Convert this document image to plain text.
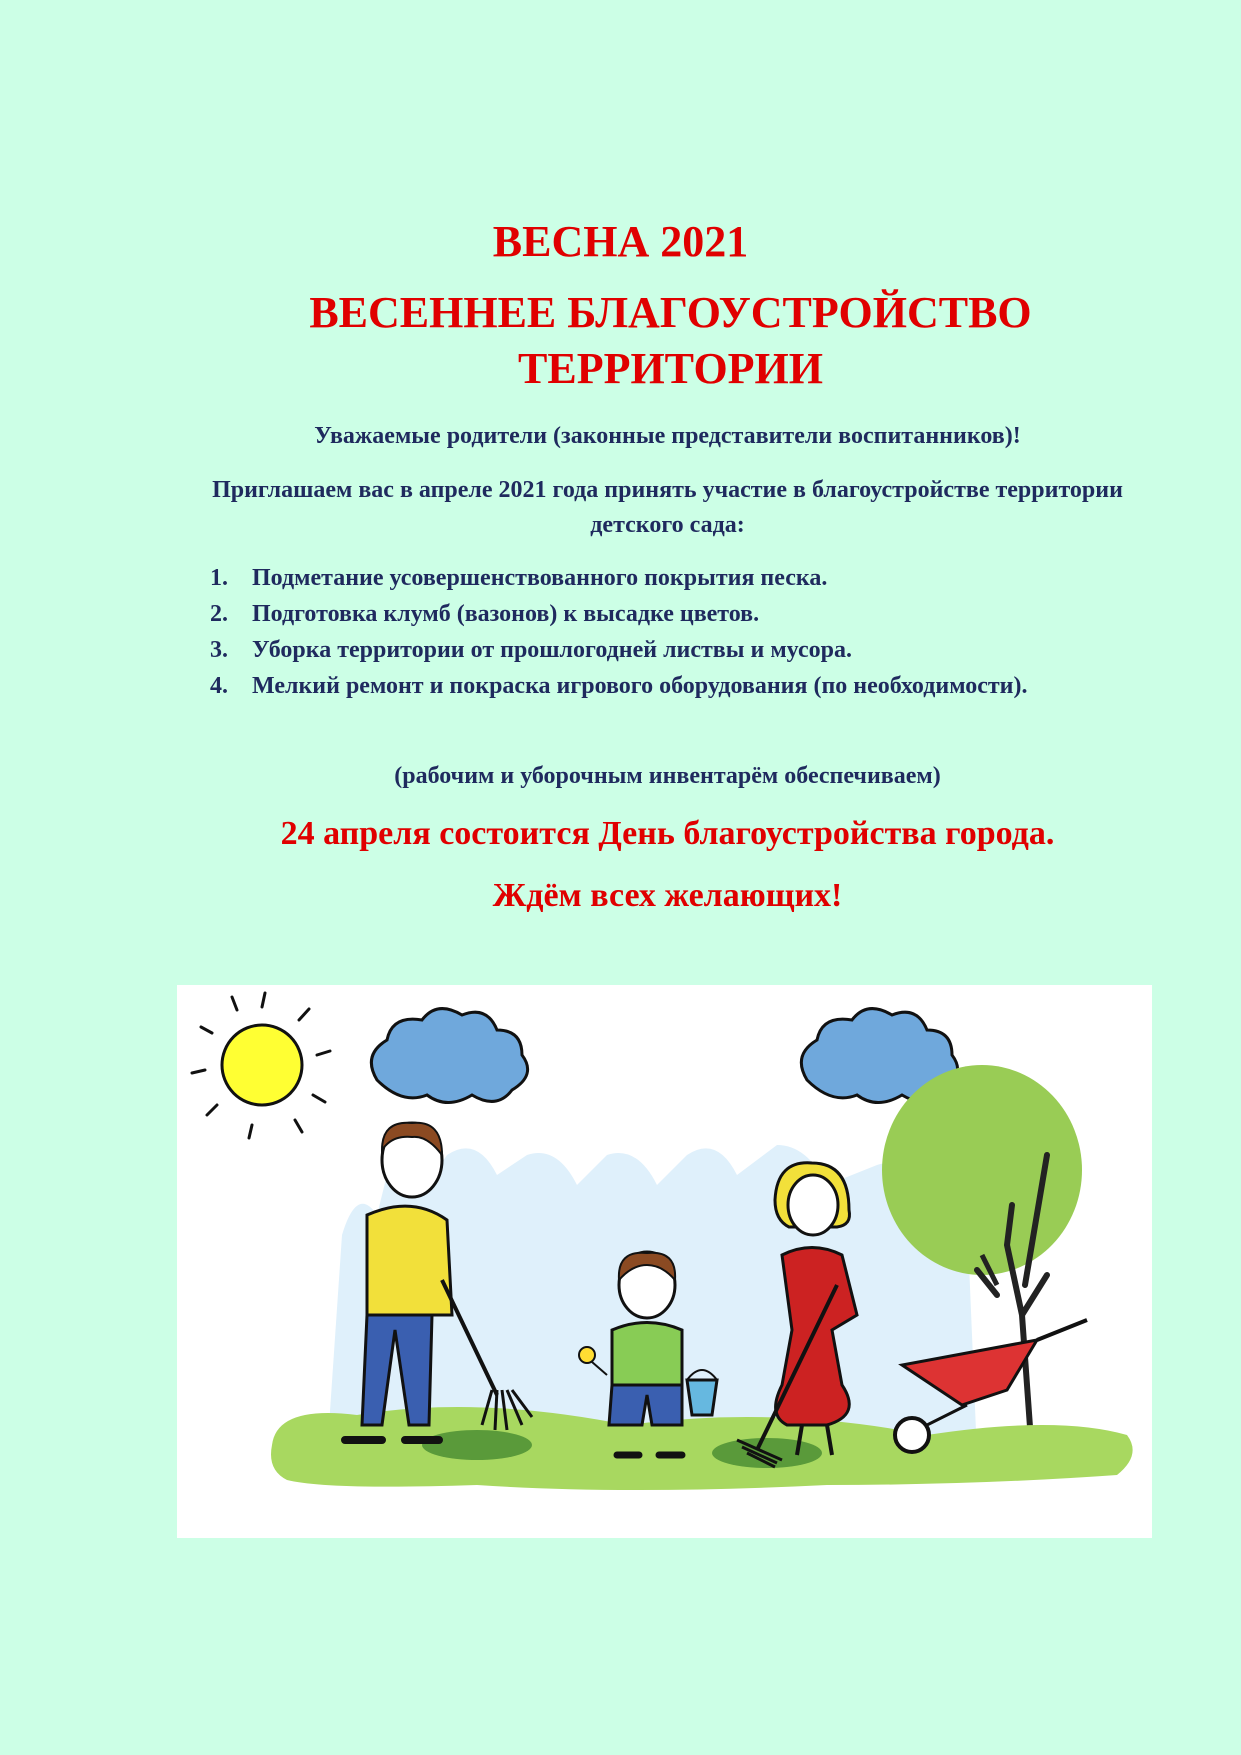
ВЕСНА 2021
ВЕСЕННЕЕ БЛАГОУСТРОЙСТВО ТЕРРИТОРИИ
Уважаемые родители (законные представители воспитанников)!
Приглашаем вас в апреле 2021 года принять участие в благоустройстве территории детского сада:
1. Подметание усовершенствованного покрытия песка.
2. Подготовка клумб (вазонов) к высадке цветов.
3. Уборка территории от прошлогодней листвы и мусора.
4. Мелкий ремонт и покраска игрового оборудования (по необходимости).
(рабочим и уборочным инвентарём обеспечиваем)
24 апреля состоится День благоустройства города.
Ждём всех желающих!
